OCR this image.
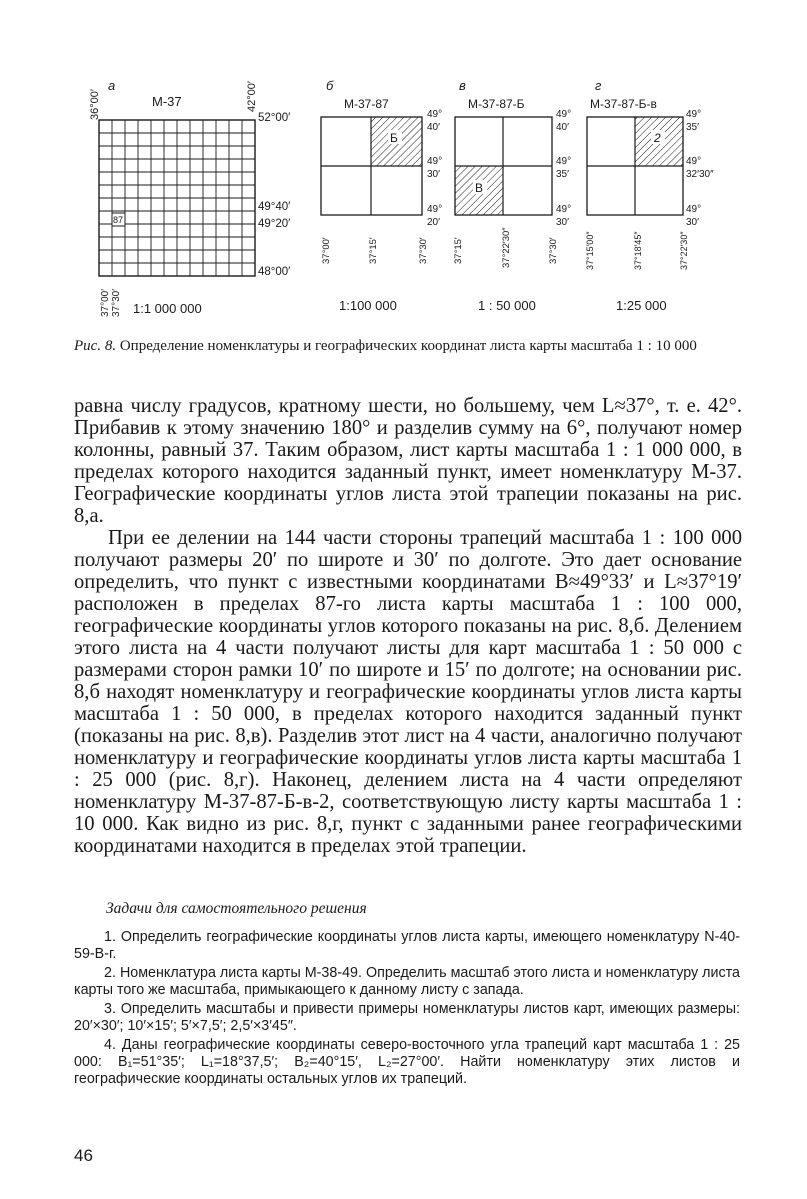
а
36°00′	42°00′
М-37
87
52°00′
49°40′
49°20′
48°00′
37°00′ 37°30′ 1:1 000 000
б
М-37-87
Б
49°
40′
49°
30′
49°
20′
37°00′	37°15′	37°30′
1:100 000
в
М-37-87-Б
В
49°
40′
49°
35′
49°
30′
37°15′	37°22′30″	37°30′
1 : 50 000
г
М-37-87-Б-в
2
49°
35′
49°
32′30″
49°
30′
37°15′00″	37°18′45″	37°22′30″
1:25 000
Рис. 8. Определение номенклатуры и географических координат листа карты масштаба 1 : 10 000

равна числу градусов, кратному шести, но большему, чем L≈37°, т. е. 42°. Прибавив к этому значению 180° и разделив сумму на 6°, получают номер колонны, равный 37. Таким образом, лист карты масштаба 1 : 1 000 000, в пределах которого находится заданный пункт, имеет номенклатуру М-37. Географические координаты углов листа этой трапеции показаны на рис. 8,а.

При ее делении на 144 части стороны трапеций масштаба 1 : 100 000 получают размеры 20′ по широте и 30′ по долготе. Это дает основание определить, что пункт с известными координатами B≈49°33′ и L≈37°19′ расположен в пределах 87-го листа карты масштаба 1 : 100 000, географические координаты углов которого показаны на рис. 8,б. Делением этого листа на 4 части получают листы для карт масштаба 1 : 50 000 с размерами сторон рамки 10′ по широте и 15′ по долготе; на основании рис. 8,б находят номенклатуру и географические координаты углов листа карты масштаба 1 : 50 000, в пределах которого находится заданный пункт (показаны на рис. 8,в). Разделив этот лист на 4 части, аналогично получают номенклатуру и географические координаты углов листа карты масштаба 1 : 25 000 (рис. 8,г). Наконец, делением листа на 4 части определяют номенклатуру М-37-87-Б-в-2, соответствующую листу карты масштаба 1 : 10 000. Как видно из рис. 8,г, пункт с заданными ранее географическими координатами находится в пределах этой трапеции.

Задачи для самостоятельного решения

1. Определить географические координаты углов листа карты, имеющего номенклатуру N-40-59-В-г.

2. Номенклатура листа карты М-38-49. Определить масштаб этого листа и номенклатуру листа карты того же масштаба, примыкающего к данному листу с запада.

3. Определить масштабы и привести примеры номенклатуры листов карт, имеющих размеры: 20′×30′; 10′×15′; 5′×7,5′; 2,5′×3′45″.

4. Даны географические координаты северо-восточного угла трапеций карт масштаба 1 : 25 000: B₁=51°35′; L₁=18°37,5′; B₂=40°15′, L₂=27°00′. Найти номенклатуру этих листов и географические координаты остальных углов их трапеций.

46
